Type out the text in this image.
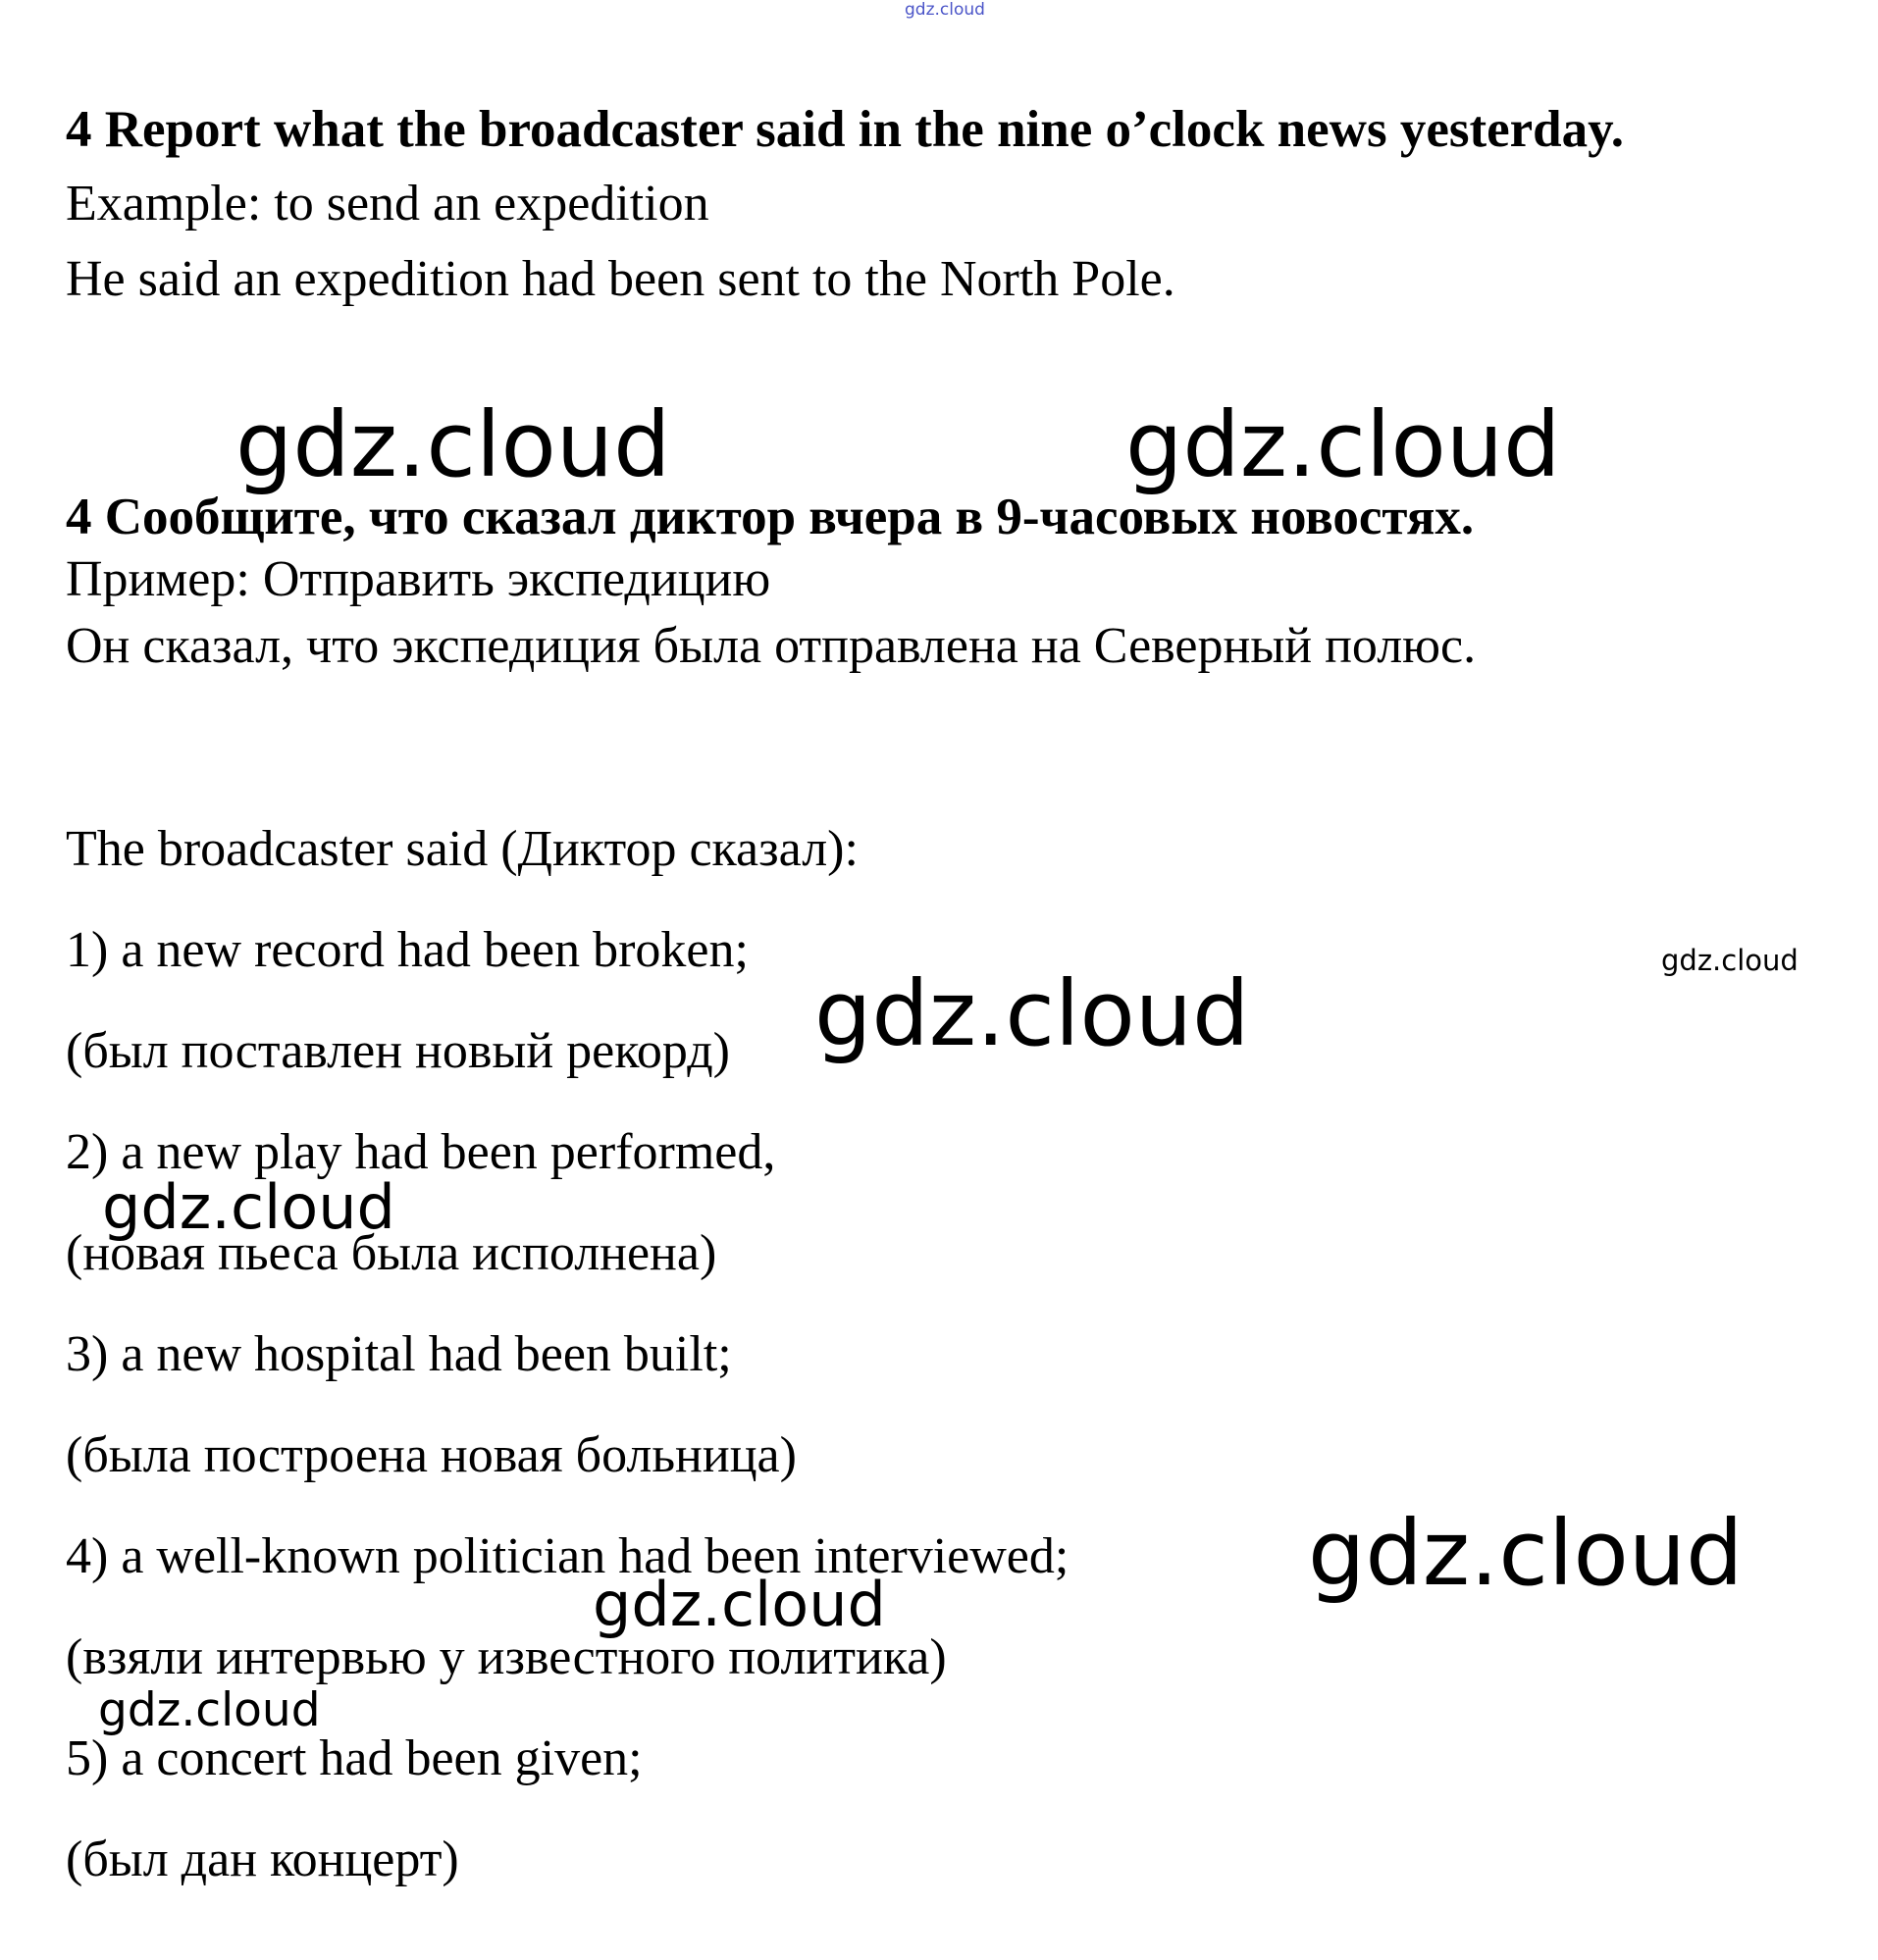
gdz.cloud
4 Report what the broadcaster said in the nine o’clock news yesterday.
Example: to send an expedition
He said an expedition had been sent to the North Pole.
gdz.cloud	gdz.cloud
4 Сообщите, что сказал диктор вчера в 9-часовых новостях.
Пример: Отправить экспедицию
Он сказал, что экспедиция была отправлена на Северный полюс.
The broadcaster said (Диктор сказал):
1) a new record had been broken;
(был поставлен новый рекорд)
2) a new play had been performed,
(новая пьеса была исполнена)
3) a new hospital had been built;
(была построена новая больница)
4) a well-known politician had been interviewed;
(взяли интервью у известного политика)
5) a concert had been given;
(был дан концерт)
gdz.cloud
gdz.cloud
gdz.cloud
gdz.cloud
gdz.cloud
gdz.cloud
